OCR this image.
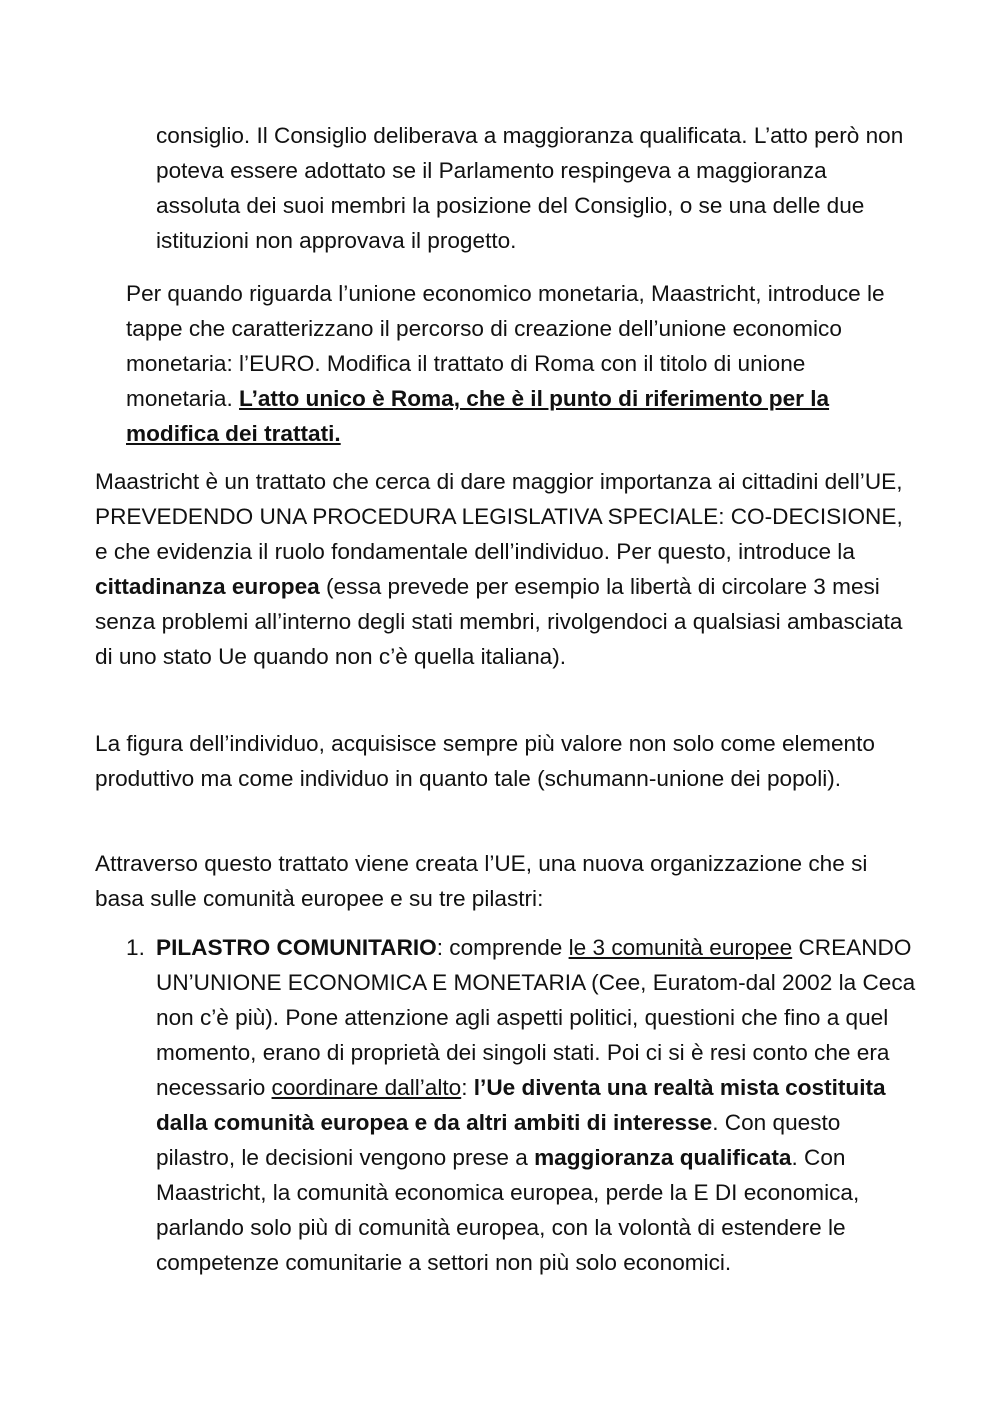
consiglio. Il Consiglio deliberava a maggioranza qualificata. L’atto però non poteva essere adottato se il Parlamento respingeva a maggioranza assoluta dei suoi membri la posizione del Consiglio, o se una delle due istituzioni non approvava il progetto.

Per quando riguarda l’unione economico monetaria, Maastricht, introduce le tappe che caratterizzano il percorso di creazione dell’unione economico monetaria: l’EURO. Modifica il trattato di Roma con il titolo di unione monetaria. L’atto unico è Roma, che è il punto di riferimento per la modifica dei trattati.

Maastricht è un trattato che cerca di dare maggior importanza ai cittadini dell’UE, PREVEDENDO UNA PROCEDURA LEGISLATIVA SPECIALE: CO-DECISIONE, e che evidenzia il ruolo fondamentale dell’individuo. Per questo, introduce la cittadinanza europea (essa prevede per esempio la libertà di circolare 3 mesi senza problemi all’interno degli stati membri, rivolgendoci a qualsiasi ambasciata di uno stato Ue quando non c’è quella italiana).

La figura dell’individuo, acquisisce sempre più valore non solo come elemento produttivo ma come individuo in quanto tale (schumann-unione dei popoli).

Attraverso questo trattato viene creata l’UE, una nuova organizzazione che si basa sulle comunità europee e su tre pilastri:

1. PILASTRO COMUNITARIO: comprende le 3 comunità europee CREANDO UN’UNIONE ECONOMICA E MONETARIA (Cee, Euratom-dal 2002 la Ceca non c’è più). Pone attenzione agli aspetti politici, questioni che fino a quel momento, erano di proprietà dei singoli stati. Poi ci si è resi conto che era necessario coordinare dall’alto: l’Ue diventa una realtà mista costituita dalla comunità europea e da altri ambiti di interesse. Con questo pilastro, le decisioni vengono prese a maggioranza qualificata. Con Maastricht, la comunità economica europea, perde la E DI economica, parlando solo più di comunità europea, con la volontà di estendere le competenze comunitarie a settori non più solo economici.
